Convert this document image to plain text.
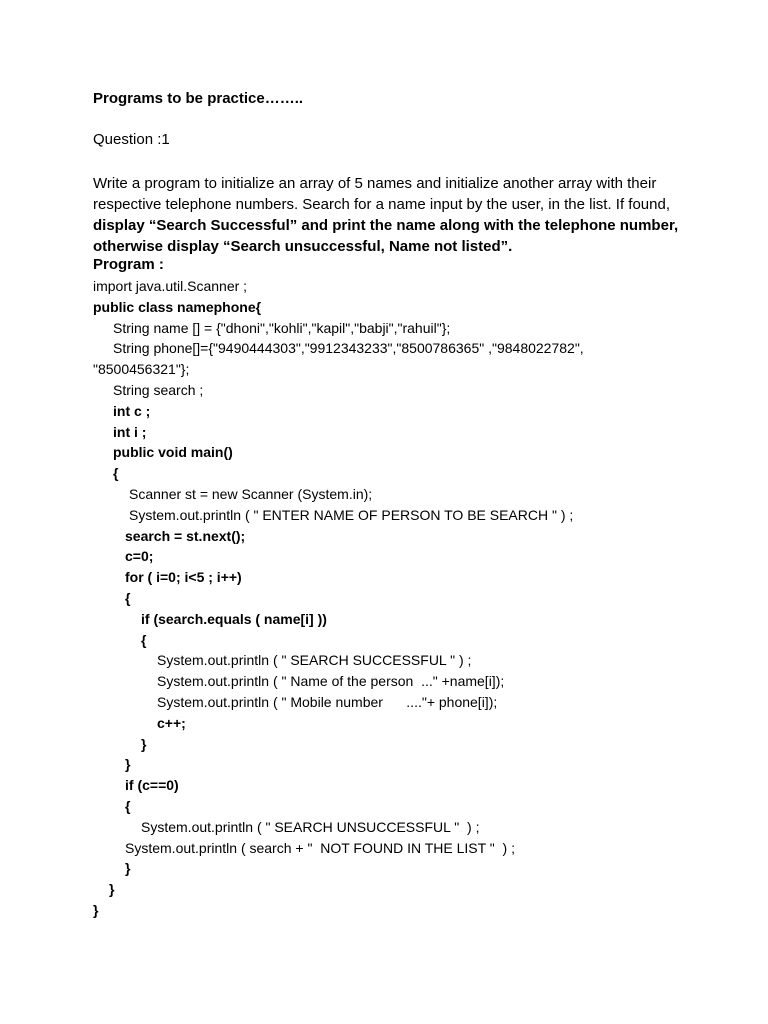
Programs to be practice……..
Question :1
Write a program to initialize an array of 5 names and initialize another array with their
respective telephone numbers. Search for a name input by the user, in the list. If found,
display “Search Successful” and print the name along with the telephone number,
otherwise display “Search unsuccessful, Name not listed”.
Program :
import java.util.Scanner ;
public class namephone{
String name [] = {"dhoni","kohli","kapil","babji","rahuil"};
String phone[]={"9490444303","9912343233","8500786365" ,"9848022782",
"8500456321"};
String search ;
int c ;
int i ;
public void main()
{
Scanner st = new Scanner (System.in);
System.out.println ( " ENTER NAME OF PERSON TO BE SEARCH " ) ;
search = st.next();
c=0;
for ( i=0; i<5 ; i++)
{
if (search.equals ( name[i] ))
{
System.out.println ( " SEARCH SUCCESSFUL " ) ;
System.out.println ( " Name of the person  ..." +name[i]);
System.out.println ( " Mobile number      ...."+ phone[i]);
c++;
}
}
if (c==0)
{
System.out.println ( " SEARCH UNSUCCESSFUL "  ) ;
System.out.println ( search + "  NOT FOUND IN THE LIST "  ) ;
}
}
}
